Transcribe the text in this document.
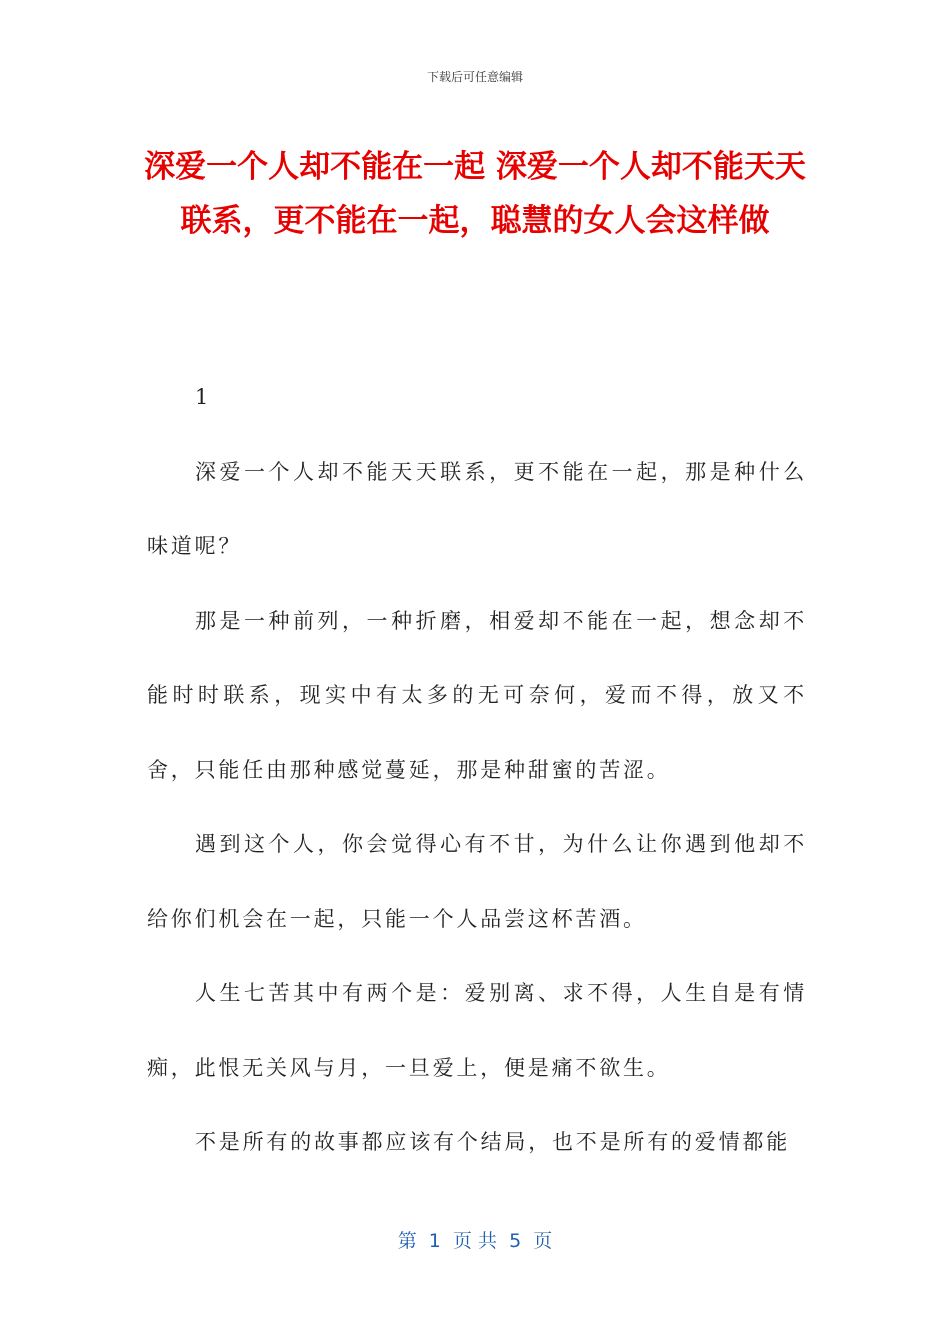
下载后可任意编辑
深爱一个人却不能在一起 深爱一个人却不能天天联系，更不能在一起，聪慧的女人会这样做

1

深爱一个人却不能天天联系，更不能在一起，那是种什么味道呢？

那是一种前列，一种折磨，相爱却不能在一起，想念却不能时时联系，现实中有太多的无可奈何，爱而不得，放又不舍，只能任由那种感觉蔓延，那是种甜蜜的苦涩。

遇到这个人，你会觉得心有不甘，为什么让你遇到他却不给你们机会在一起，只能一个人品尝这杯苦酒。

人生七苦其中有两个是：爱别离、求不得，人生自是有情痴，此恨无关风与月，一旦爱上，便是痛不欲生。

不是所有的故事都应该有个结局，也不是所有的爱情都能

第  1  页 共  5  页
